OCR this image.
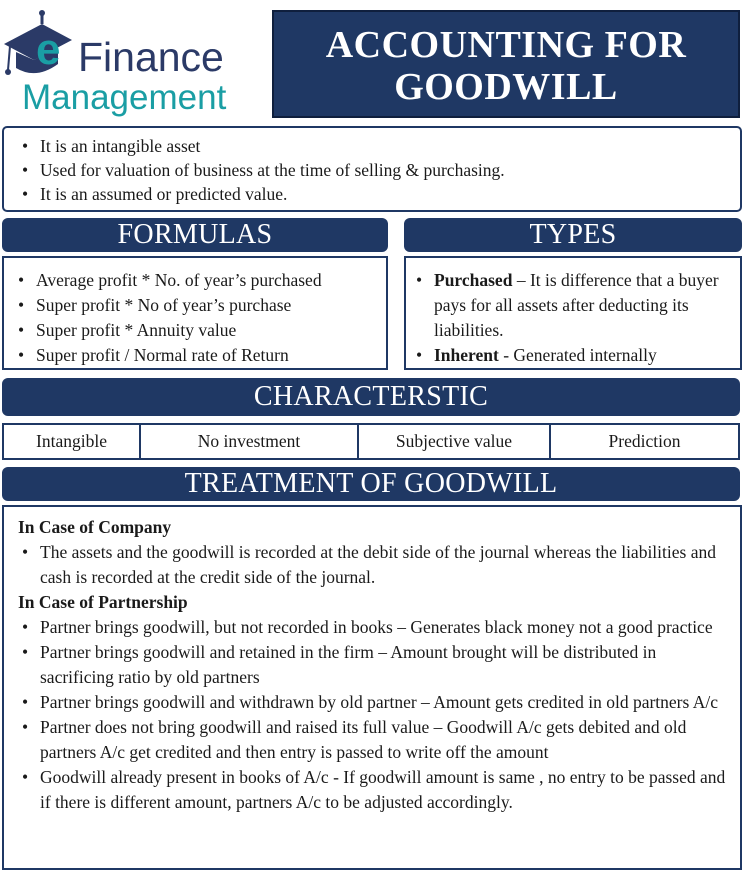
e Finance
Management
ACCOUNTING FOR
GOODWILL
• It is an intangible asset
• Used for valuation of business at the time of selling & purchasing.
• It is an assumed or predicted value.
FORMULAS
• Average profit * No. of year’s purchased
• Super profit * No of year’s purchase
• Super profit * Annuity value
• Super profit / Normal rate of Return
TYPES
• Purchased – It is difference that a buyer pays for all assets after deducting its liabilities.
• Inherent - Generated internally
CHARACTERSTIC
Intangible	No investment	Subjective value	Prediction
TREATMENT OF GOODWILL
In Case of Company
• The assets and the goodwill is recorded at the debit side of the journal whereas the liabilities and cash is recorded at the credit side of the journal.
In Case of Partnership
• Partner brings goodwill, but not recorded in books – Generates black money not a good practice
• Partner brings goodwill and retained in the firm – Amount brought will be distributed in sacrificing ratio by old partners
• Partner brings goodwill and withdrawn by old partner – Amount gets credited in old partners A/c
• Partner does not bring goodwill and raised its full value – Goodwill A/c gets debited and old partners A/c get credited and then entry is passed to write off the amount
• Goodwill already present in books of A/c - If goodwill amount is same , no entry to be passed and if there is different amount, partners A/c to be adjusted accordingly.
